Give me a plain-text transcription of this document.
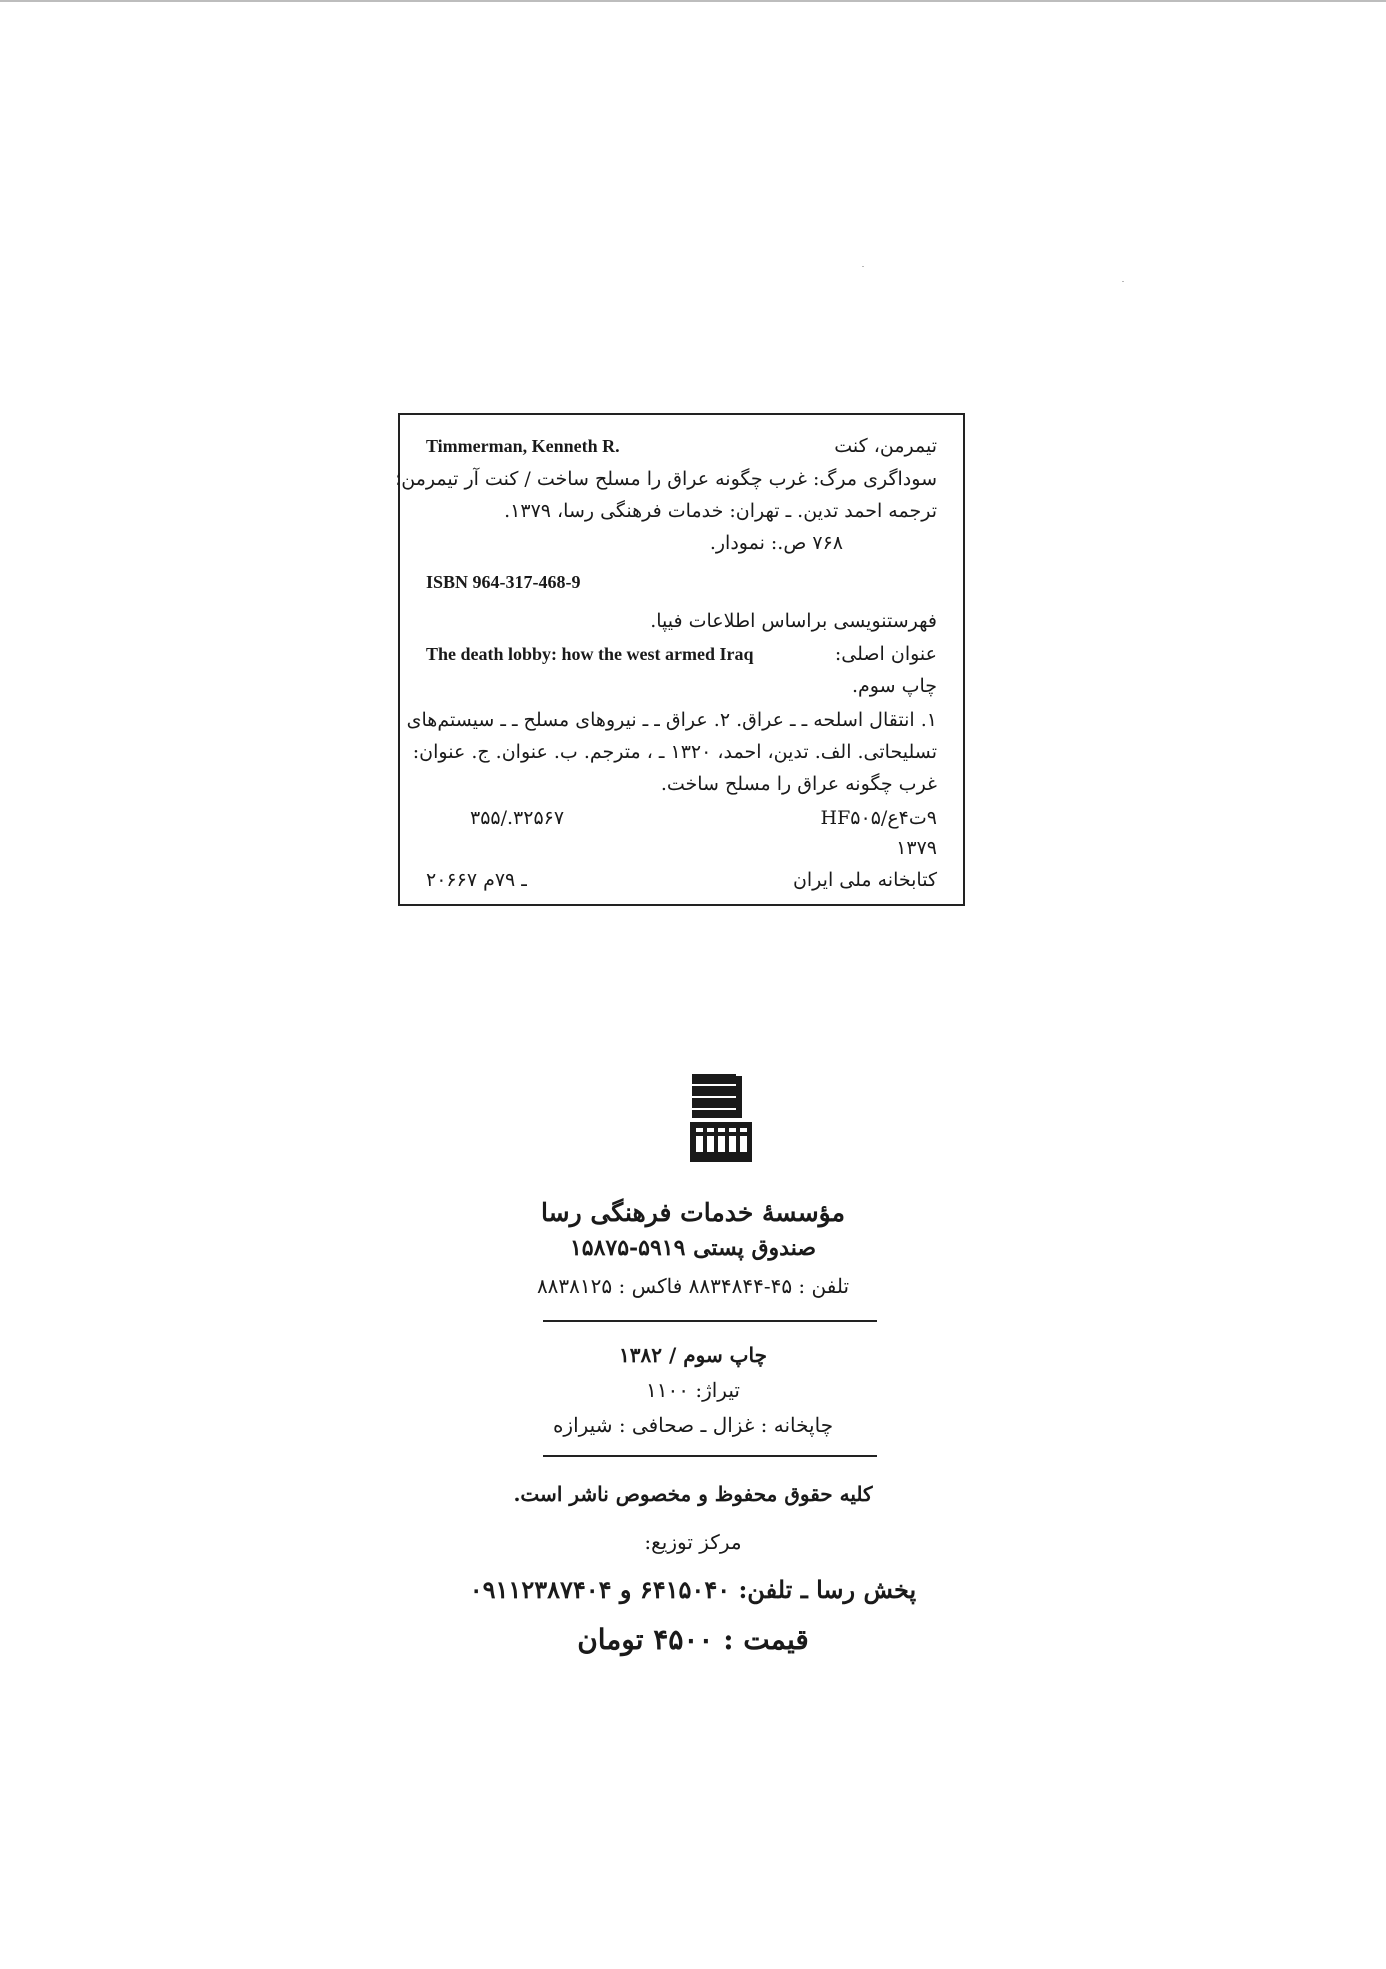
Timmerman, Kenneth R.	تیمرمن، کنت
سوداگری مرگ: غرب چگونه عراق را مسلح ساخت / کنت آر تیمرمن؛
ترجمه احمد تدین. ـ تهران: خدمات فرهنگی رسا، ۱۳۷۹.
۷۶۸ ص.: نمودار.
ISBN 964-317-468-9
فهرستنویسی براساس اطلاعات فیپا.
The death lobby: how the west armed Iraq	عنوان اصلی:
چاپ سوم.
۱. انتقال اسلحه ـ ـ عراق. ۲. عراق ـ ـ نیروهای مسلح ـ ـ سیستم‌های
تسلیحاتی. الف. تدین، احمد، ۱۳۲۰ ـ ، مترجم. ب. عنوان. ج. عنوان:
غرب چگونه عراق را مسلح ساخت.
۳۵۵/.۳۲۵۶۷	۹ت۴ع/HF۵۰۵
۱۳۷۹
۲۰۶۶۷ ـ ۷۹م	کتابخانه ملی ایران
مؤسسهٔ خدمات فرهنگی رسا
صندوق پستی ۵۹۱۹-۱۵۸۷۵
تلفن : ۴۵-۸۸۳۴۸۴۴ فاکس : ۸۸۳۸۱۲۵
چاپ سوم / ۱۳۸۲
تیراژ: ۱۱۰۰
چاپخانه : غزال ـ صحافی : شیرازه
کلیه حقوق محفوظ و مخصوص ناشر است.
مرکز توزیع:
پخش رسا ـ تلفن: ۶۴۱۵۰۴۰ و ۰۹۱۱۲۳۸۷۴۰۴
قیمت : ۴۵۰۰ تومان
